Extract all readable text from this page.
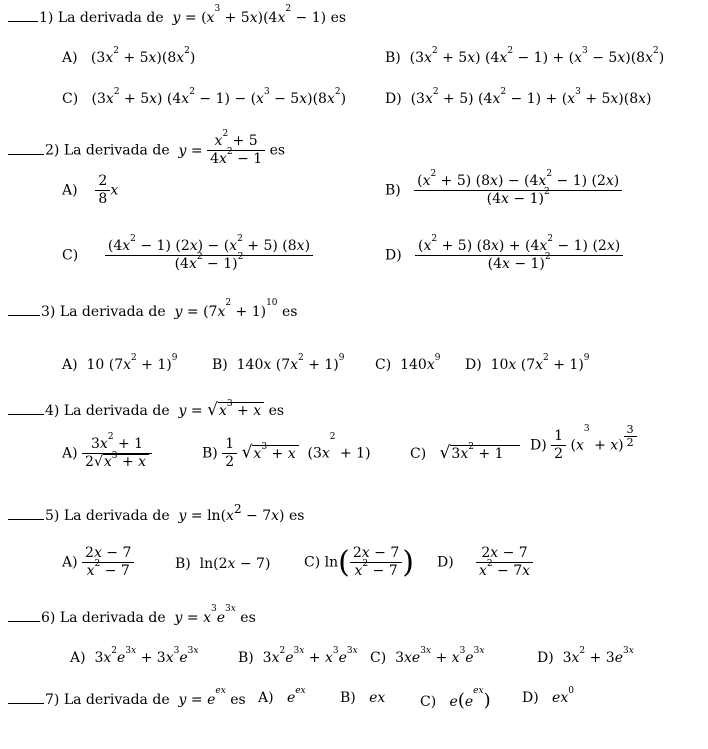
1) La derivada de $y = (x^3 + 5x)(4x^2 - 1)$ es
A)   $(3x^2 + 5x)(8x^2)$	B)  $(3x^2 + 5x) (4x^2 - 1) + (x^3 - 5x)(8x^2)$
C)   $(3x^2 + 5x) (4x^2 - 1) - (x^3 - 5x)(8x^2)$	D)  $(3x^2 + 5) (4x^2 - 1) + (x^3 + 5x)(8x)$
2) La derivada de $y = \frac{x^2 + 5}{4x^2 - 1}$ es
$A) \frac{2}{8}$ x	$B) \frac{(x^2 + 5) (8x) - (4x^2 - 1) (2x)}{(4x - 1)^2}$
$C) \frac{(4x^2 - 1) (2x) - (x^2 + 5) (8x)}{(4x^2 - 1)^2}$	$D) \frac{(x^2 + 5) (8x) + (4x^2 - 1) (2x)}{(4x - 1)^2}$
3) La derivada de $y = (7x^2 + 1)^{10}$ es
A)  10 $(7x^2 + 1)^9$ B)  140x $(7x^2 + 1)^9$ C)  $140x^9$ D)  10x $(7x^2 + 1)^9$
4) La derivada de $y = √x^3 + x$ es
$A) \frac{3x^2 + 1}{2√x^3 + x}$	$B) \frac{1}{2} √x^3 + x$  $(3x^2 + 1)$	C) $√3x^2 + 1$
$D) \frac{1}{2} (x^3 + x) \frac{3}{2}$
5) La derivada de $y = \ln(x^2 - 7x)$ es
$A) \frac{2x - 7}{x^2 - 7}$	B)  ln(2x − 7) C) $\ln( \frac{2x - 7}{x^2 - 7}$ ) $D) \frac{2x - 7}{x^2 - 7x}$
6) La derivada de $y = x^3e^{3x}$ es
A)  $3x^2e^{3x} + 3x^3e^{3x}$	B)  $3x^2e^{3x} + x^3e^{3x}$ C)  $3xe^{3x} + x^3e^{3x}$	D)  $3x^2 + 3e^{3x}$
7) La derivada de $y = e^{ex}$ es A) $e^{ex}$ B) ex C) $e(e^{ex})$ D) $ex^0$
